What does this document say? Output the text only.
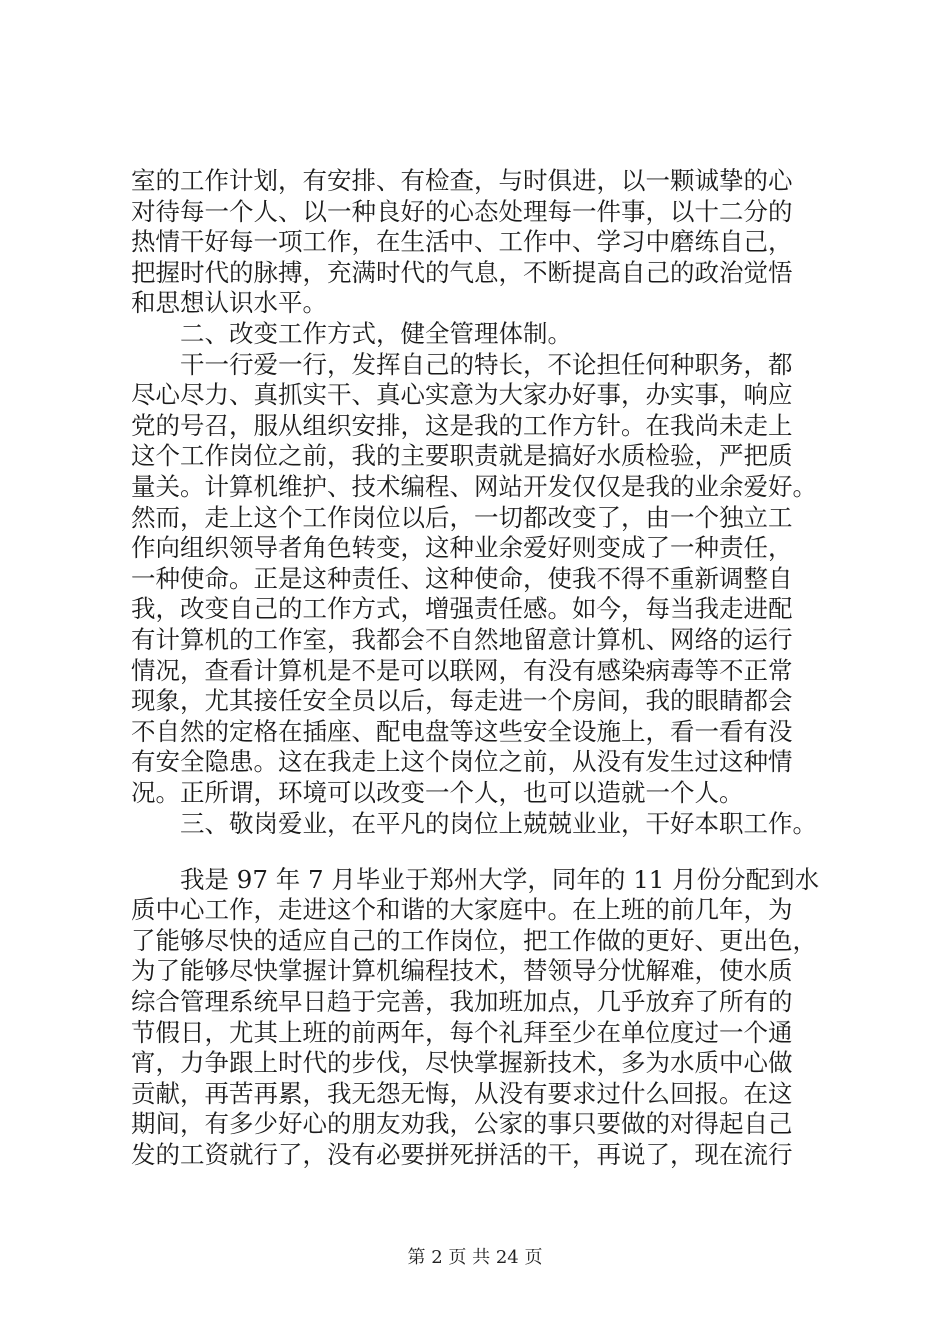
室的工作计划，有安排、有检查，与时俱进，以一颗诚挚的心
对待每一个人、以一种良好的心态处理每一件事，以十二分的
热情干好每一项工作，在生活中、工作中、学习中磨练自己，
把握时代的脉搏，充满时代的气息，不断提高自己的政治觉悟
和思想认识水平。
　　二、改变工作方式，健全管理体制。
　　干一行爱一行，发挥自己的特长，不论担任何种职务，都
尽心尽力、真抓实干、真心实意为大家办好事，办实事，响应
党的号召，服从组织安排，这是我的工作方针。在我尚未走上
这个工作岗位之前，我的主要职责就是搞好水质检验，严把质
量关。计算机维护、技术编程、网站开发仅仅是我的业余爱好。
然而，走上这个工作岗位以后，一切都改变了，由一个独立工
作向组织领导者角色转变，这种业余爱好则变成了一种责任，
一种使命。正是这种责任、这种使命，使我不得不重新调整自
我，改变自己的工作方式，增强责任感。如今，每当我走进配
有计算机的工作室，我都会不自然地留意计算机、网络的运行
情况，查看计算机是不是可以联网，有没有感染病毒等不正常
现象，尤其接任安全员以后，每走进一个房间，我的眼睛都会
不自然的定格在插座、配电盘等这些安全设施上，看一看有没
有安全隐患。这在我走上这个岗位之前，从没有发生过这种情
况。正所谓，环境可以改变一个人，也可以造就一个人。
　　三、敬岗爱业，在平凡的岗位上兢兢业业，干好本职工作。
　　我是 97 年 7 月毕业于郑州大学，同年的 11 月份分配到水
质中心工作，走进这个和谐的大家庭中。在上班的前几年，为
了能够尽快的适应自己的工作岗位，把工作做的更好、更出色，
为了能够尽快掌握计算机编程技术，替领导分忧解难，使水质
综合管理系统早日趋于完善，我加班加点，几乎放弃了所有的
节假日，尤其上班的前两年，每个礼拜至少在单位度过一个通
宵，力争跟上时代的步伐，尽快掌握新技术，多为水质中心做
贡献，再苦再累，我无怨无悔，从没有要求过什么回报。在这
期间，有多少好心的朋友劝我，公家的事只要做的对得起自己
发的工资就行了，没有必要拼死拼活的干，再说了，现在流行
第 2 页 共 24 页
